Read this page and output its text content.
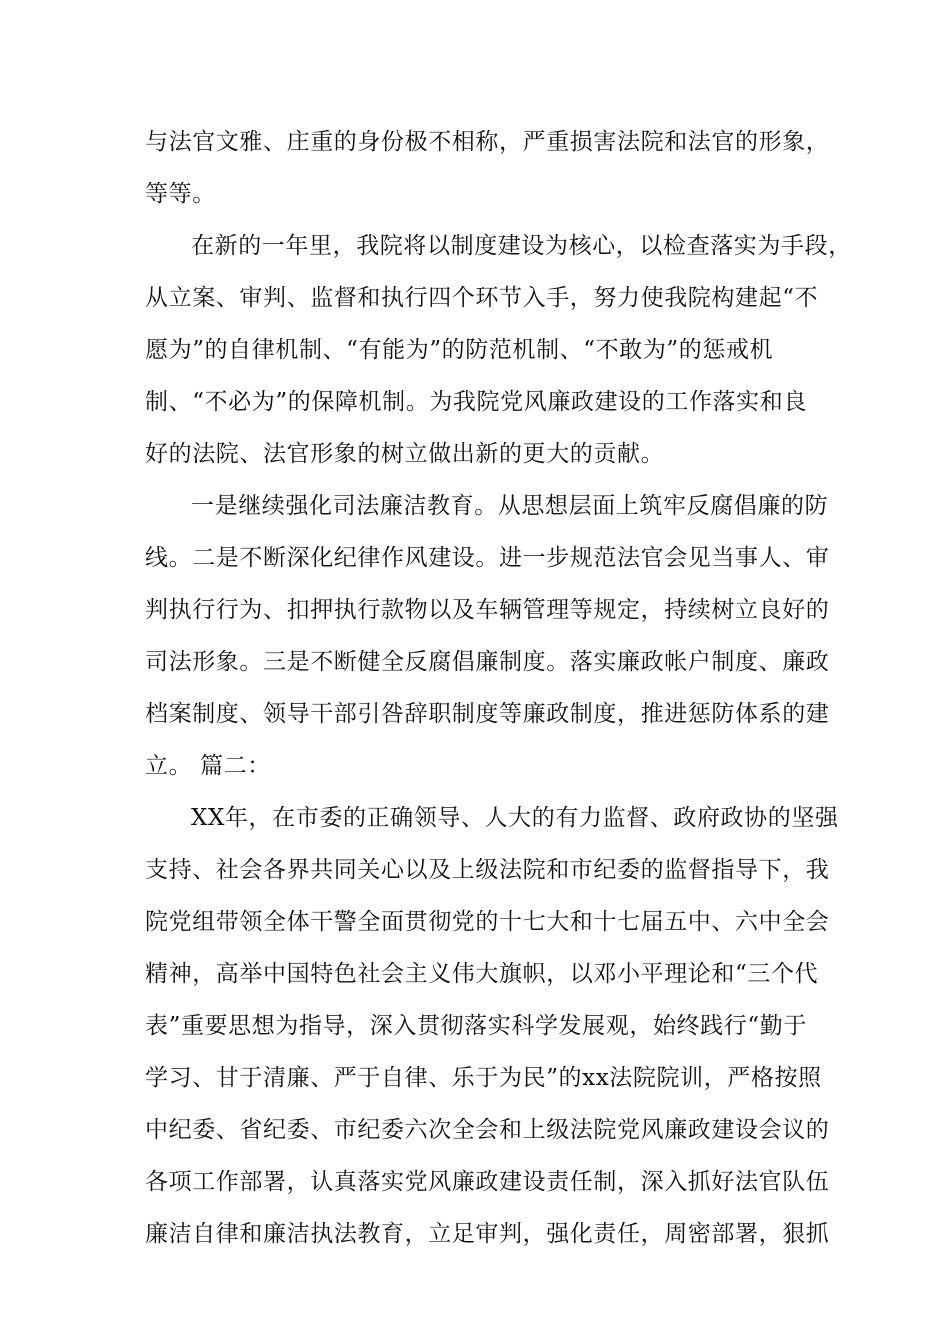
与法官文雅、庄重的身份极不相称，严重损害法院和法官的形象，
等等。
在新的一年里，我院将以制度建设为核心，以检查落实为手段，
从立案、审判、监督和执行四个环节入手，努力使我院构建起“不
愿为”的自律机制、“有能为”的防范机制、“不敢为”的惩戒机
制、“不必为”的保障机制。为我院党风廉政建设的工作落实和良
好的法院、法官形象的树立做出新的更大的贡献。
一是继续强化司法廉洁教育。从思想层面上筑牢反腐倡廉的防
线。二是不断深化纪律作风建设。进一步规范法官会见当事人、审
判执行行为、扣押执行款物以及车辆管理等规定，持续树立良好的
司法形象。三是不断健全反腐倡廉制度。落实廉政帐户制度、廉政
档案制度、领导干部引咎辞职制度等廉政制度，推进惩防体系的建
立。 篇二：
XX年，在市委的正确领导、人大的有力监督、政府政协的坚强
支持、社会各界共同关心以及上级法院和市纪委的监督指导下，我
院党组带领全体干警全面贯彻党的十七大和十七届五中、六中全会
精神，高举中国特色社会主义伟大旗帜，以邓小平理论和“三个代
表”重要思想为指导，深入贯彻落实科学发展观，始终践行“勤于
学习、甘于清廉、严于自律、乐于为民”的xx法院院训，严格按照
中纪委、省纪委、市纪委六次全会和上级法院党风廉政建设会议的
各项工作部署，认真落实党风廉政建设责任制，深入抓好法官队伍
廉洁自律和廉洁执法教育，立足审判，强化责任，周密部署，狠抓
